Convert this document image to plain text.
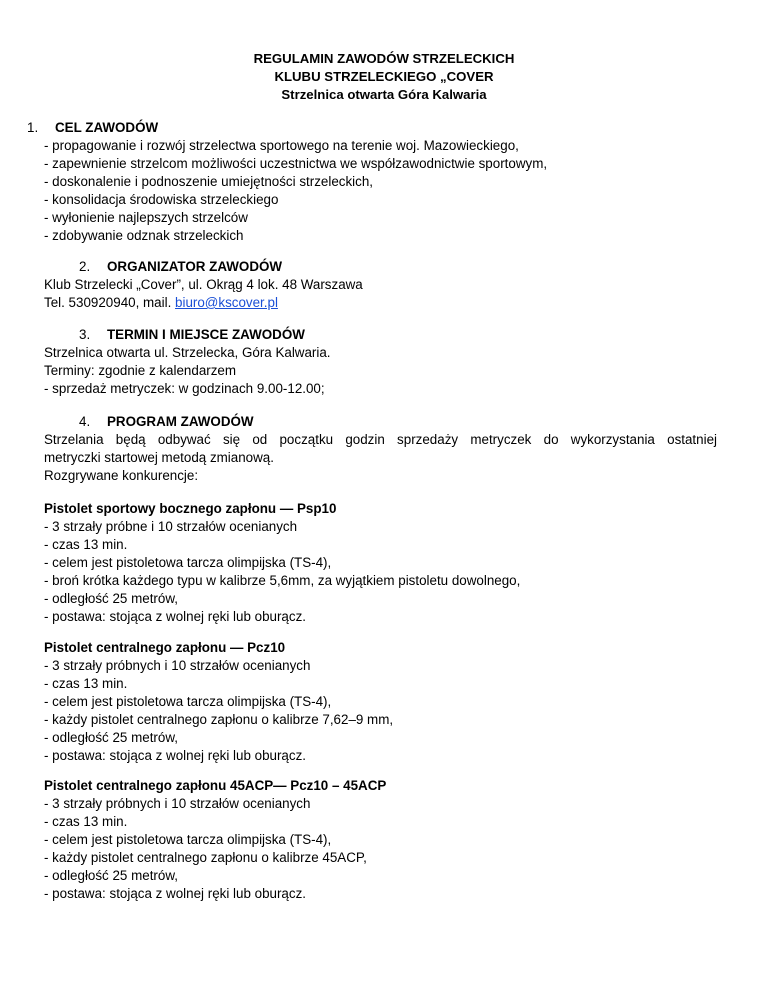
REGULAMIN ZAWODÓW STRZELECKICH
KLUBU STRZELECKIEGO „COVER
Strzelnica otwarta Góra Kalwaria
1. CEL ZAWODÓW
- propagowanie i rozwój strzelectwa sportowego na terenie woj. Mazowieckiego,
- zapewnienie strzelcom możliwości uczestnictwa we współzawodnictwie sportowym,
- doskonalenie i podnoszenie umiejętności strzeleckich,
- konsolidacja środowiska strzeleckiego
- wyłonienie najlepszych strzelców
- zdobywanie odznak strzeleckich
2. ORGANIZATOR ZAWODÓW
Klub Strzelecki „Cover”, ul. Okrąg 4 lok. 48 Warszawa
Tel. 530920940, mail. biuro@kscover.pl
3. TERMIN I MIEJSCE ZAWODÓW
Strzelnica otwarta ul. Strzelecka, Góra Kalwaria.
Terminy: zgodnie z kalendarzem
- sprzedaż metryczek: w godzinach 9.00-12.00;
4. PROGRAM ZAWODÓW
Strzelania będą odbywać się od początku godzin sprzedaży metryczek do wykorzystania ostatniej
metryczki startowej metodą zmianową.
Rozgrywane konkurencje:
Pistolet sportowy bocznego zapłonu — Psp10
- 3 strzały próbne i 10 strzałów ocenianych
- czas 13 min.
- celem jest pistoletowa tarcza olimpijska (TS-4),
- broń krótka każdego typu w kalibrze 5,6mm, za wyjątkiem pistoletu dowolnego,
- odległość 25 metrów,
- postawa: stojąca z wolnej ręki lub oburącz.
Pistolet centralnego zapłonu — Pcz10
- 3 strzały próbnych i 10 strzałów ocenianych
- czas 13 min.
- celem jest pistoletowa tarcza olimpijska (TS-4),
- każdy pistolet centralnego zapłonu o kalibrze 7,62–9 mm,
- odległość 25 metrów,
- postawa: stojąca z wolnej ręki lub oburącz.
Pistolet centralnego zapłonu 45ACP— Pcz10 – 45ACP
- 3 strzały próbnych i 10 strzałów ocenianych
- czas 13 min.
- celem jest pistoletowa tarcza olimpijska (TS-4),
- każdy pistolet centralnego zapłonu o kalibrze 45ACP,
- odległość 25 metrów,
- postawa: stojąca z wolnej ręki lub oburącz.
